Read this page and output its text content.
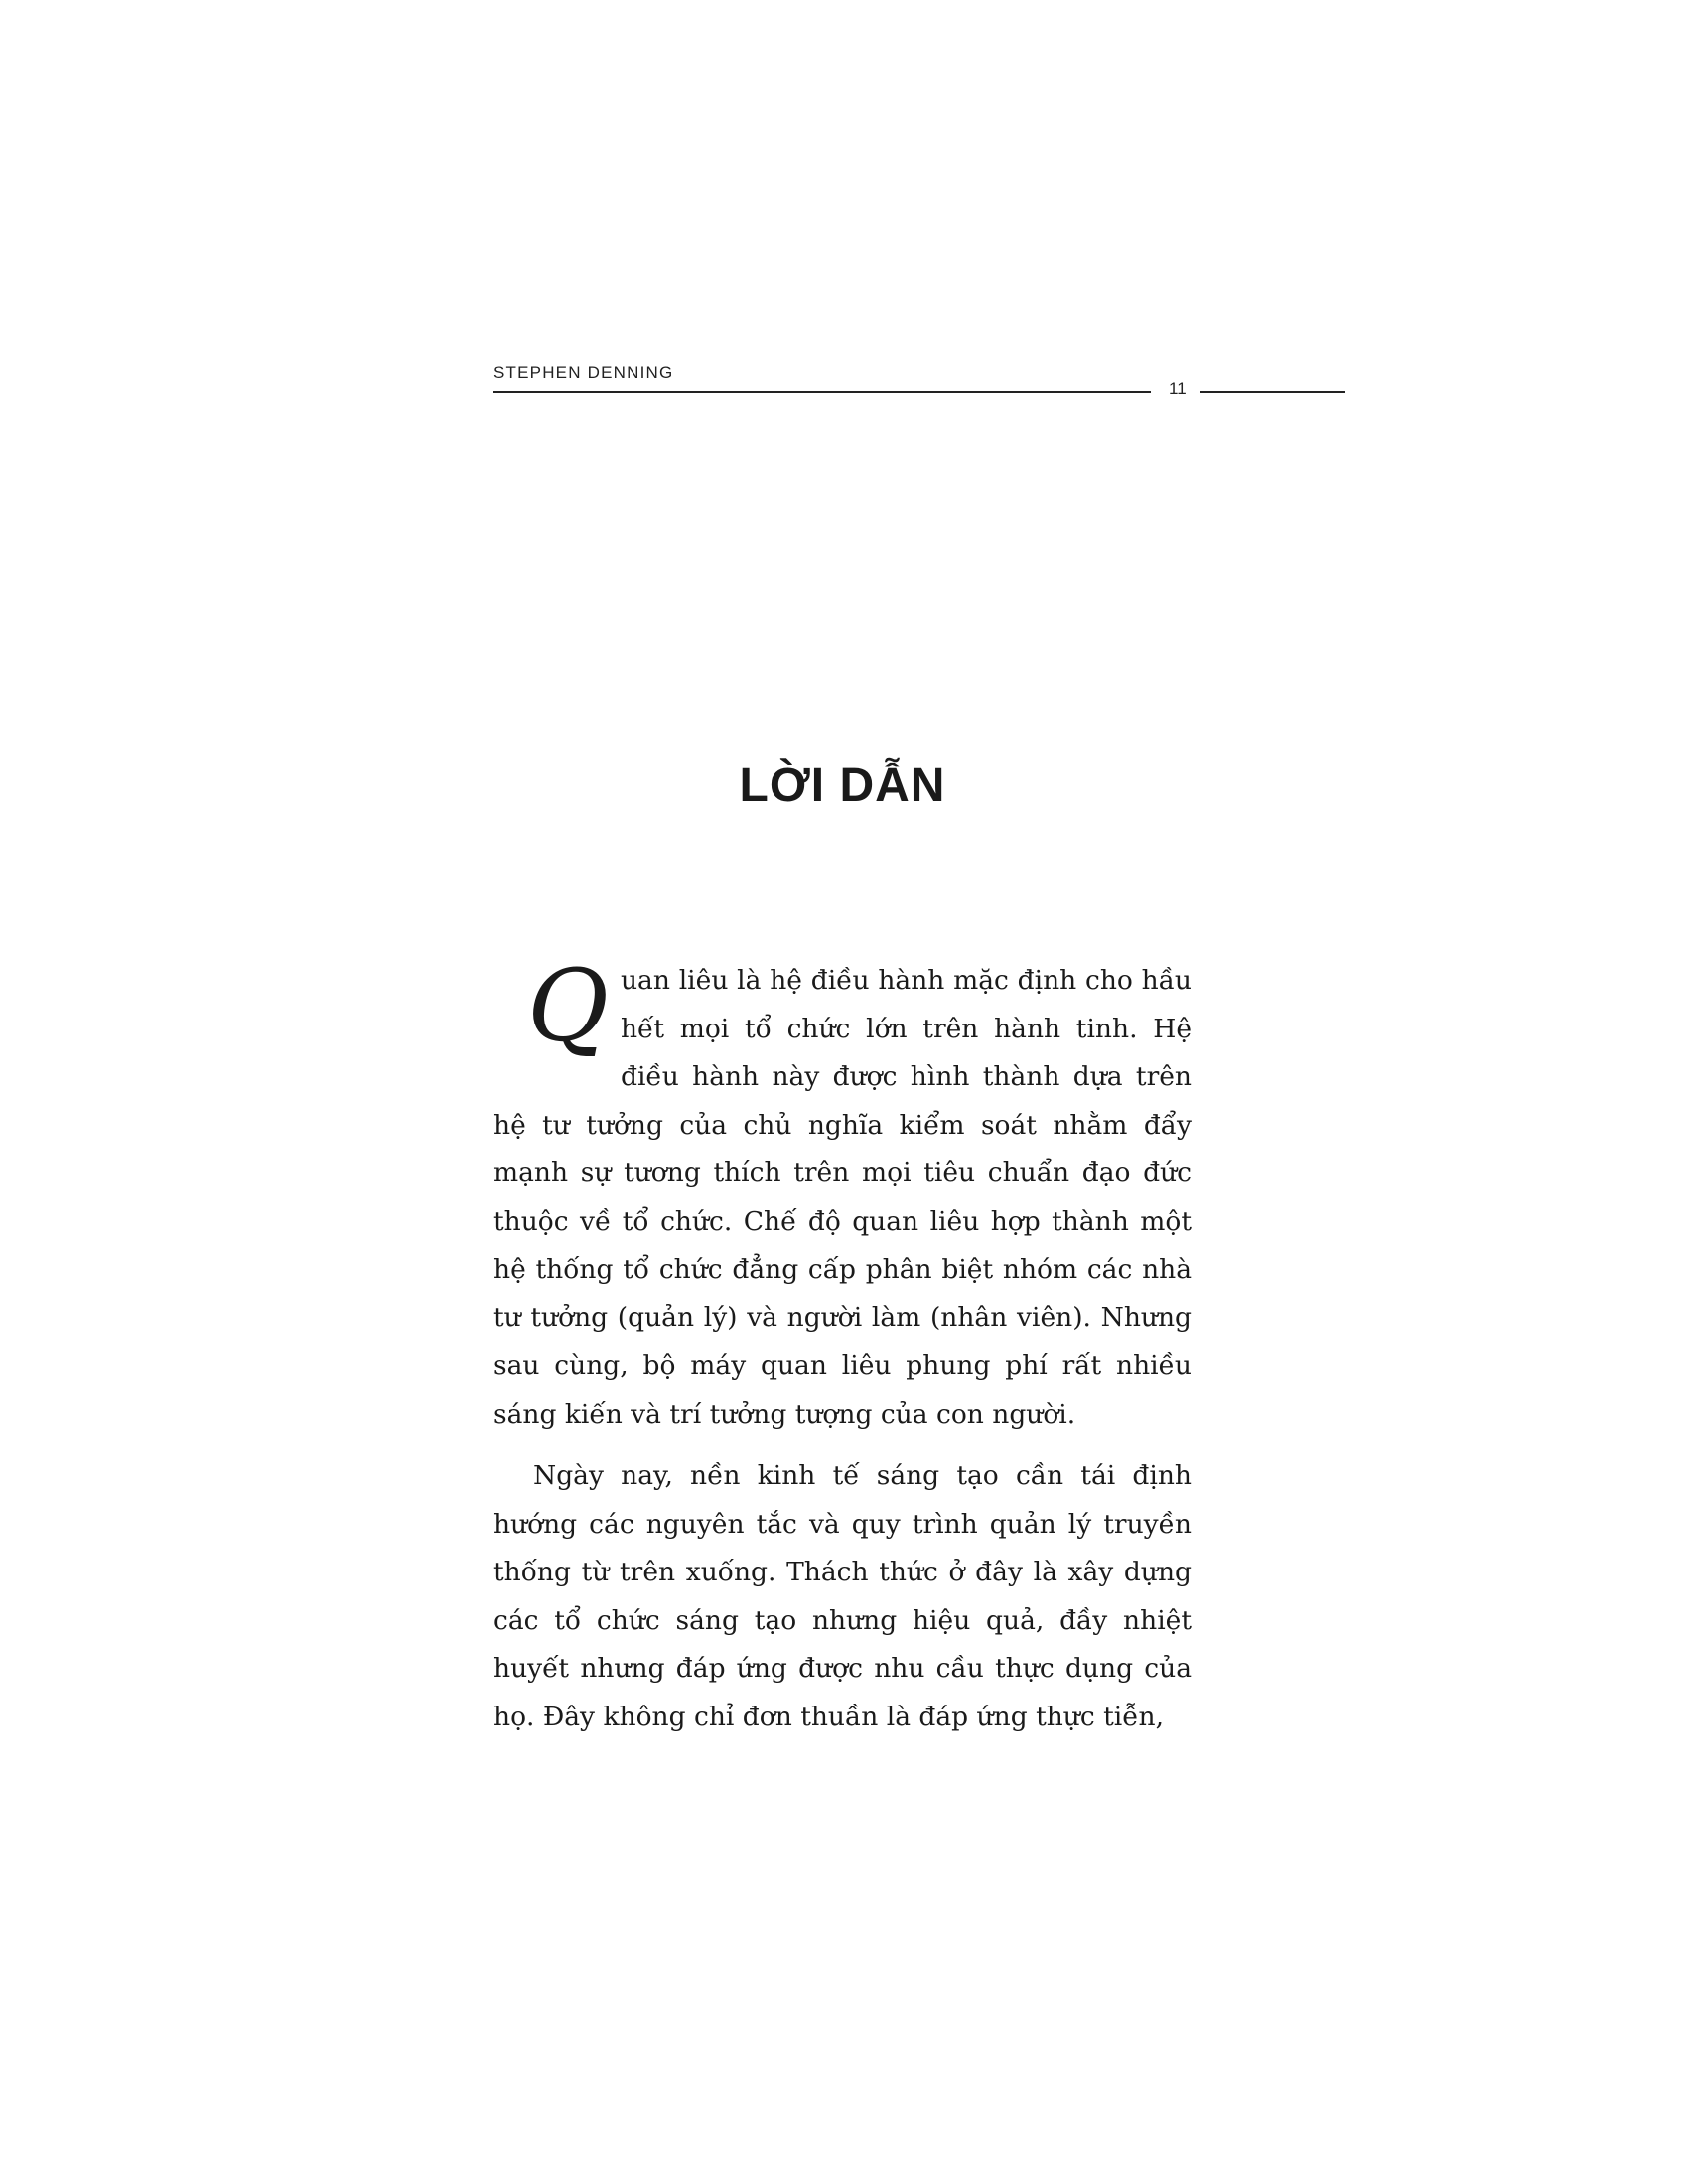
STEPHEN DENNING
11
LỜI DẪN

Quan liêu là hệ điều hành mặc định cho hầu hết mọi tổ chức lớn trên hành tinh. Hệ điều hành này được hình thành dựa trên hệ tư tưởng của chủ nghĩa kiểm soát nhằm đẩy mạnh sự tương thích trên mọi tiêu chuẩn đạo đức thuộc về tổ chức. Chế độ quan liêu hợp thành một hệ thống tổ chức đẳng cấp phân biệt nhóm các nhà tư tưởng (quản lý) và người làm (nhân viên). Nhưng sau cùng, bộ máy quan liêu phung phí rất nhiều sáng kiến và trí tưởng tượng của con người.

Ngày nay, nền kinh tế sáng tạo cần tái định hướng các nguyên tắc và quy trình quản lý truyền thống từ trên xuống. Thách thức ở đây là xây dựng các tổ chức sáng tạo nhưng hiệu quả, đầy nhiệt huyết nhưng đáp ứng được nhu cầu thực dụng của họ. Đây không chỉ đơn thuần là đáp ứng thực tiễn,
